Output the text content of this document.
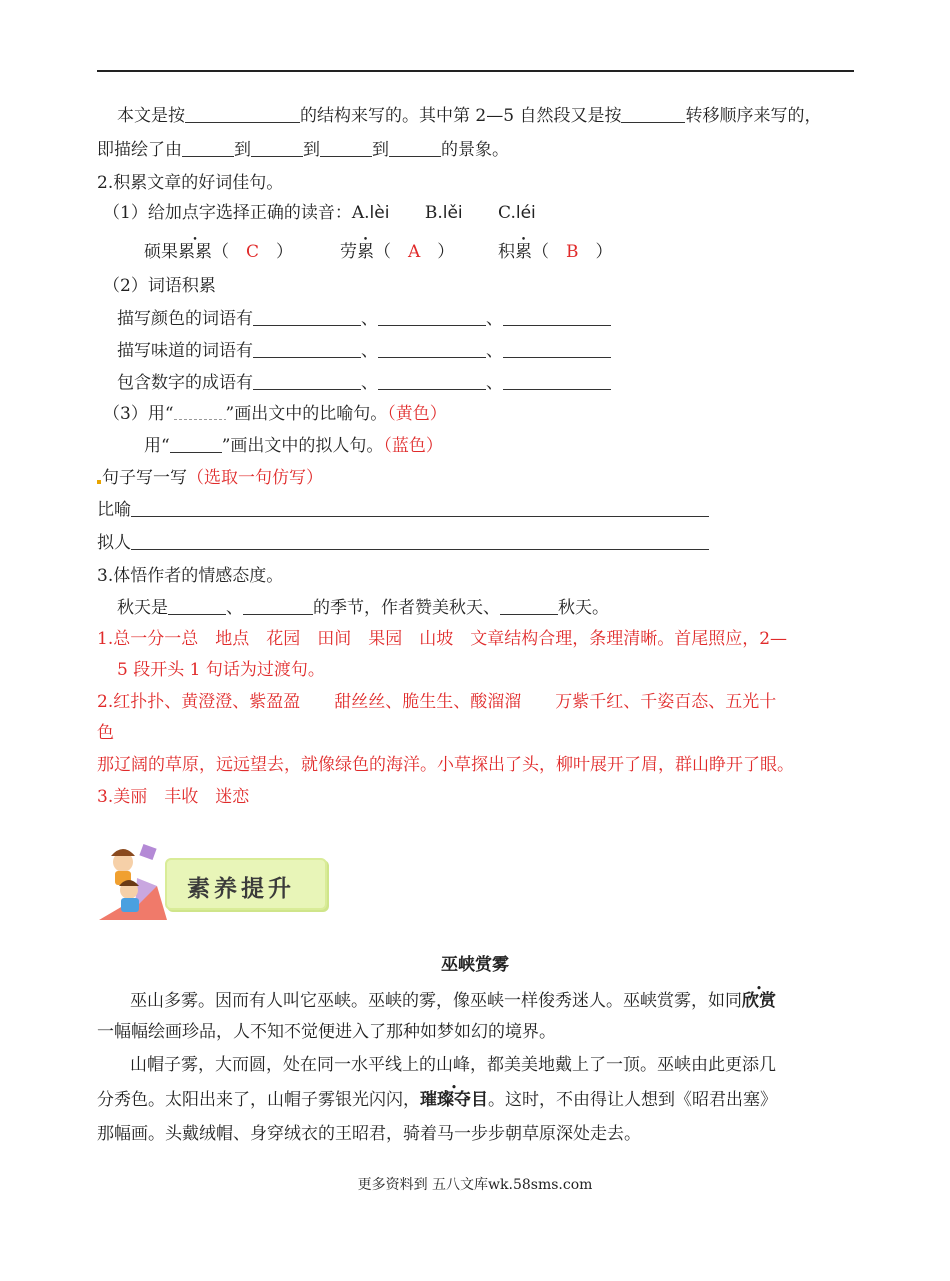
本文是按	的结构来写的。其中第 2—5 自然段又是按	转移顺序来写的，
即描绘了由	到	到	到	的景象。
2.积累文章的好词佳句。
（1）给加点字选择正确的读音：A.lèi B.lěi C.léi
硕果累累（　C　）	劳累（　A　）	积累（　B　）
（2）词语积累
描写颜色的词语有	、	、
描写味道的词语有	、	、
包含数字的成语有	、	、
（3）用“	”画出文中的比喻句。（黄色）
用“	”画出文中的拟人句。（蓝色）
句子写一写（选取一句仿写）
比喻
拟人
3.体悟作者的情感态度。
秋天是	、	的季节，作者赞美秋天、	秋天。
1.总一分一总　地点　花园　田间　果园　山坡　文章结构合理，条理清晰。首尾照应，2—
5 段开头 1 句话为过渡句。
2.红扑扑、黄澄澄、紫盈盈　　甜丝丝、脆生生、酸溜溜　　万紫千红、千姿百态、五光十
色
那辽阔的草原，远远望去，就像绿色的海洋。小草探出了头，柳叶展开了眉，群山睁开了眼。
3.美丽　丰收　迷恋
素养提升
巫峡赏雾
巫山多雾。因而有人叫它巫峡。巫峡的雾，像巫峡一样俊秀迷人。巫峡赏雾，如同欣赏
一幅幅绘画珍品，人不知不觉便进入了那种如梦如幻的境界。
山帽子雾，大而圆，处在同一水平线上的山峰，都美美地戴上了一顶。巫峡由此更添几
分秀色。太阳出来了，山帽子雾银光闪闪，璀璨夺目。这时，不由得让人想到《昭君出塞》
那幅画。头戴绒帽、身穿绒衣的王昭君，骑着马一步步朝草原深处走去。
更多资料到 五八文库wk.58sms.com
